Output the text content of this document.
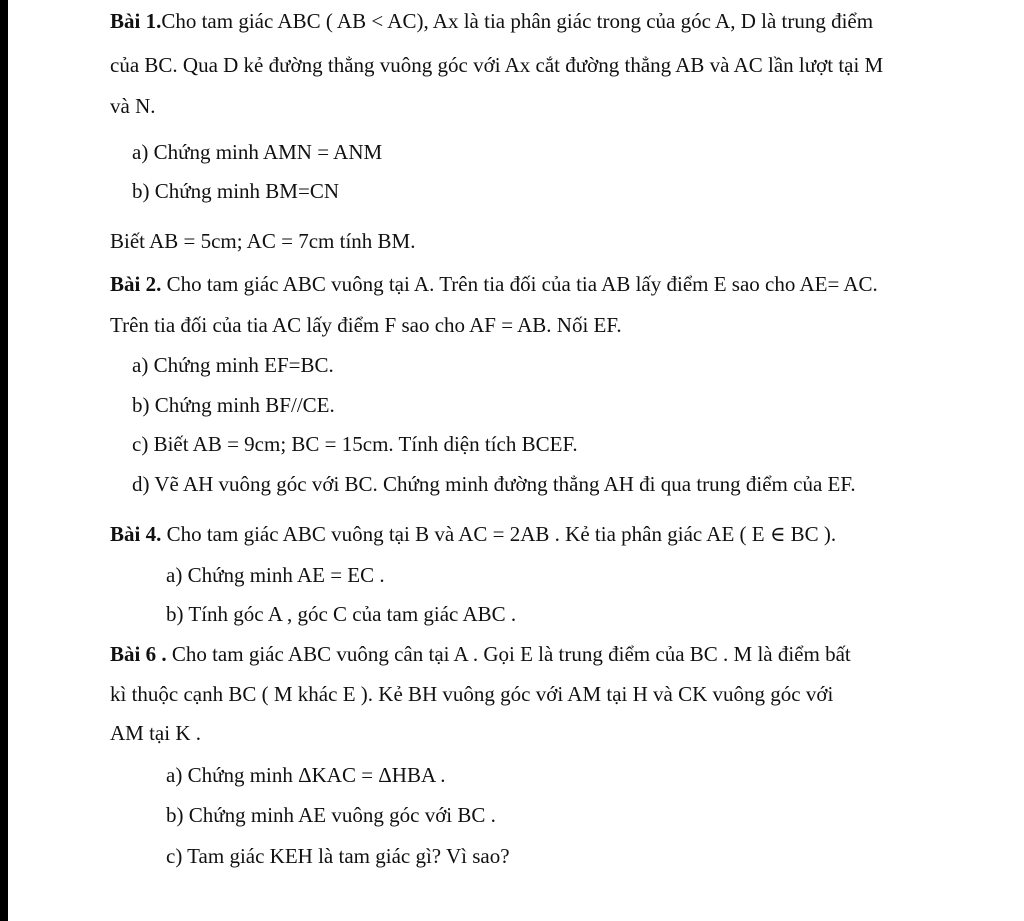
Bài 1.Cho tam giác ABC ( AB < AC), Ax là tia phân giác trong của góc A, D là trung điểm
của BC. Qua D kẻ đường thẳng vuông góc với Ax cắt đường thẳng AB và AC lần lượt tại M
và N.
a) Chứng minh AMN = ANM
b) Chứng minh BM=CN
Biết AB = 5cm; AC = 7cm tính BM.
Bài 2. Cho tam giác ABC vuông tại A. Trên tia đối của tia AB lấy điểm E sao cho AE= AC.
Trên tia đối của tia AC lấy điểm F sao cho AF = AB. Nối EF.
a) Chứng minh EF=BC.
b) Chứng minh BF//CE.
c) Biết AB = 9cm; BC = 15cm. Tính diện tích BCEF.
d) Vẽ AH vuông góc với BC. Chứng minh đường thẳng AH đi qua trung điểm của EF.
Bài 4. Cho tam giác ABC vuông tại B và AC = 2AB . Kẻ tia phân giác AE ( E ∈ BC ).
a) Chứng minh AE = EC .
b) Tính góc A , góc C của tam giác ABC .
Bài 6 . Cho tam giác ABC vuông cân tại A . Gọi E là trung điểm của BC . M là điểm bất
kì thuộc cạnh BC ( M khác E ). Kẻ BH vuông góc với AM tại H và CK vuông góc với
AM tại K .
a) Chứng minh ΔKAC = ΔHBA .
b) Chứng minh AE vuông góc với BC .
c) Tam giác KEH là tam giác gì? Vì sao?
